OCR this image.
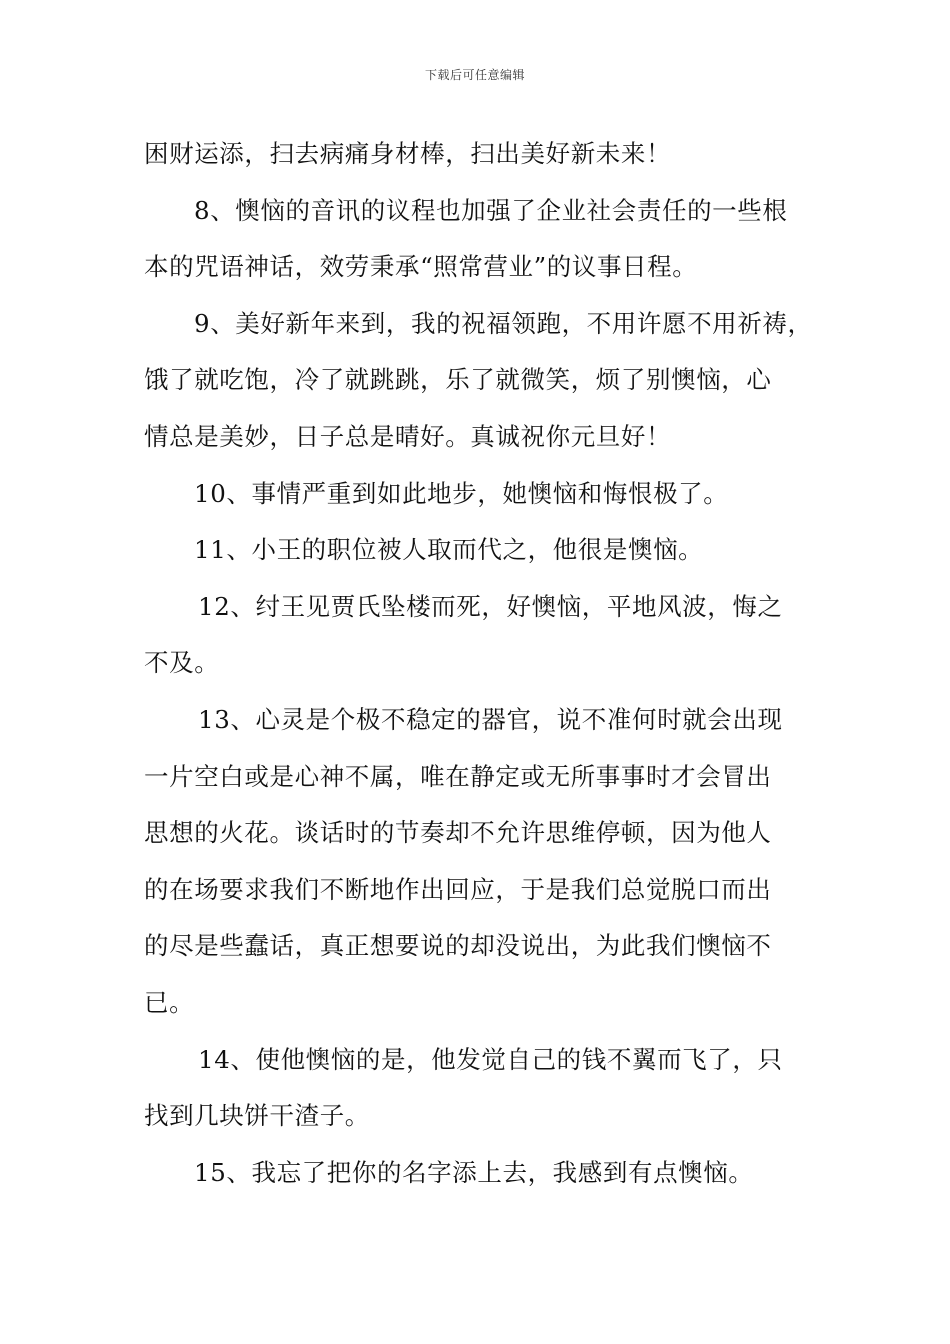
下载后可任意编辑
困财运添，扫去病痛身材棒，扫出美好新未来！
8、懊恼的音讯的议程也加强了企业社会责任的一些根
本的咒语神话，效劳秉承“照常营业”的议事日程。
9、美好新年来到，我的祝福领跑，不用许愿不用祈祷，
饿了就吃饱，冷了就跳跳，乐了就微笑，烦了别懊恼，心
情总是美妙，日子总是晴好。真诚祝你元旦好！
10、事情严重到如此地步，她懊恼和悔恨极了。
11、小王的职位被人取而代之，他很是懊恼。
12、纣王见贾氏坠楼而死，好懊恼，平地风波，悔之
不及。
13、心灵是个极不稳定的器官，说不准何时就会出现
一片空白或是心神不属，唯在静定或无所事事时才会冒出
思想的火花。谈话时的节奏却不允许思维停顿，因为他人
的在场要求我们不断地作出回应，于是我们总觉脱口而出
的尽是些蠢话，真正想要说的却没说出，为此我们懊恼不
已。
14、使他懊恼的是，他发觉自己的钱不翼而飞了，只
找到几块饼干渣子。
15、我忘了把你的名字添上去，我感到有点懊恼。
